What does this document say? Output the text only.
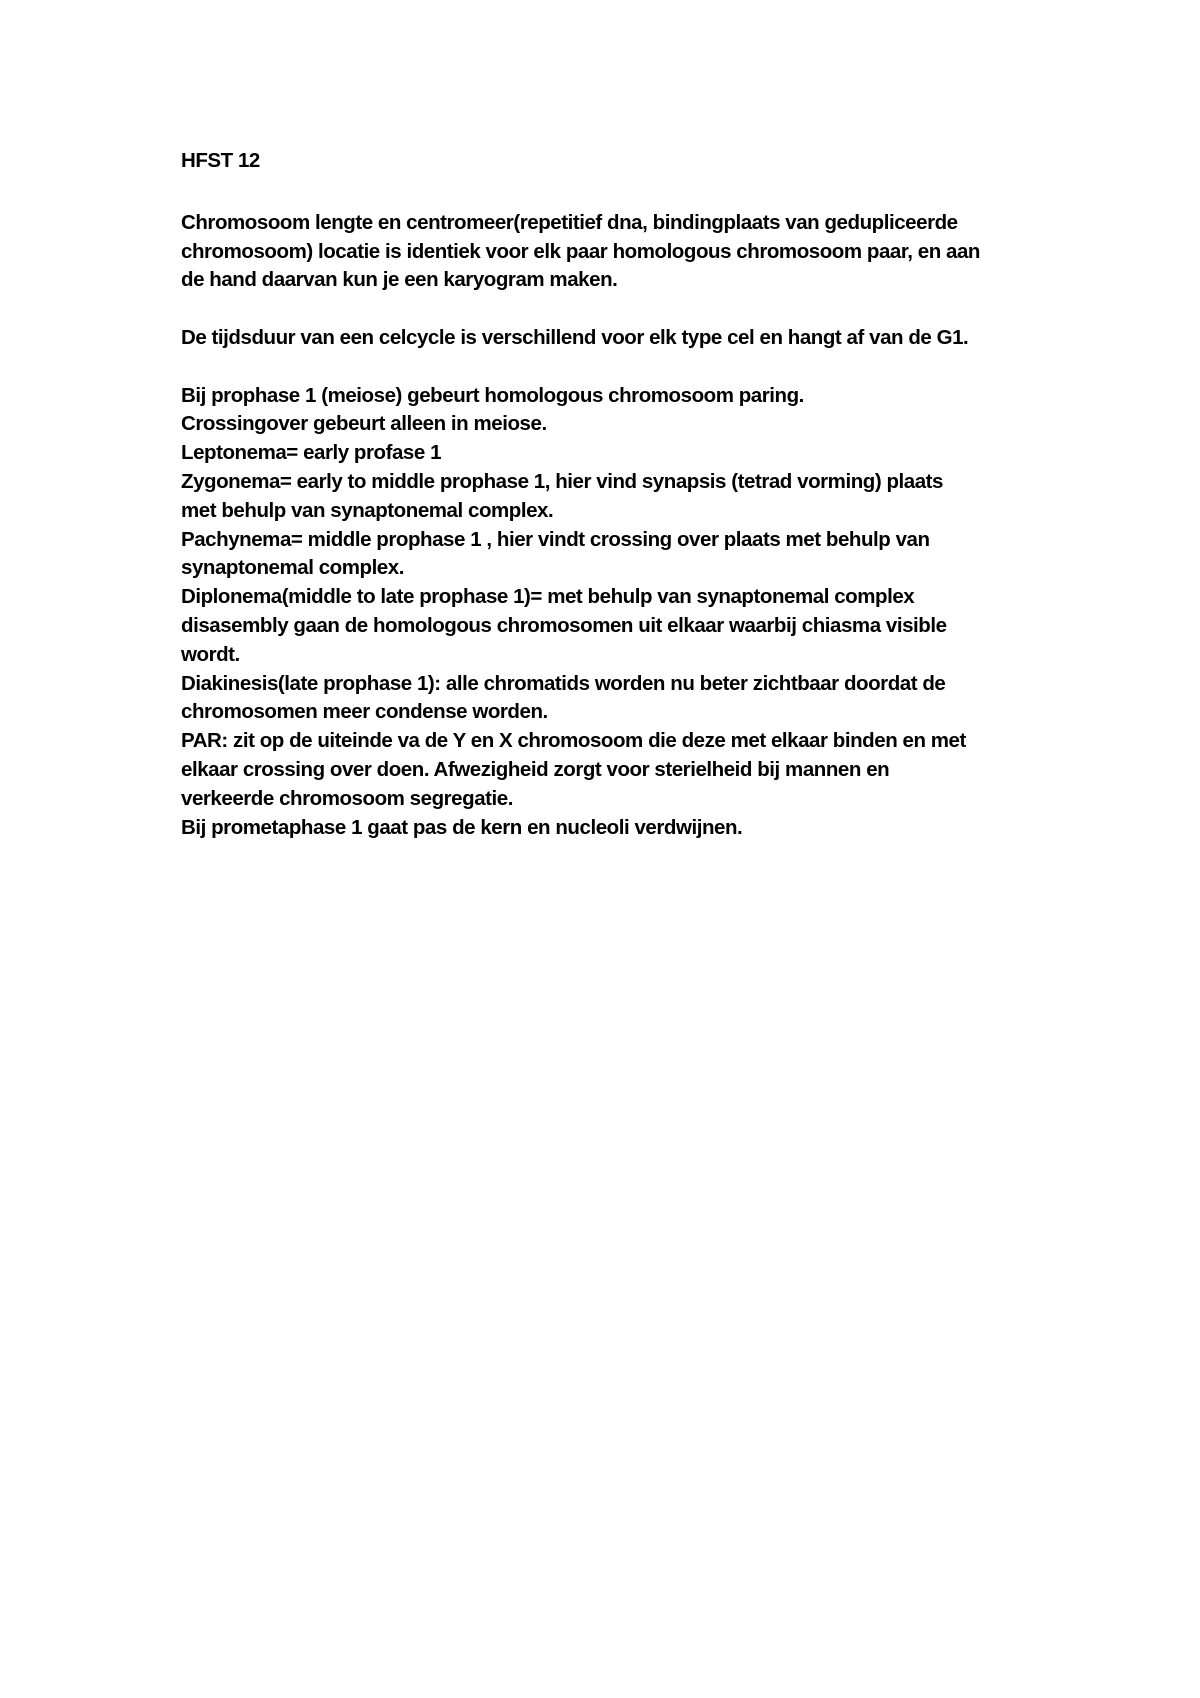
HFST 12
Chromosoom lengte en centromeer(repetitief dna, bindingplaats van gedupliceerde
chromosoom) locatie is identiek voor elk paar homologous chromosoom paar, en aan
de hand daarvan kun je een karyogram maken.
De tijdsduur van een celcycle is verschillend voor elk type cel en hangt af van de G1.
Bij prophase 1 (meiose) gebeurt homologous chromosoom paring.
Crossingover gebeurt alleen in meiose.
Leptonema= early profase 1
Zygonema= early to middle prophase 1, hier vind synapsis (tetrad vorming) plaats
met behulp van synaptonemal complex.
Pachynema= middle prophase 1 , hier vindt crossing over plaats met behulp van
synaptonemal complex.
Diplonema(middle to late prophase 1)= met behulp van synaptonemal complex
disasembly gaan de homologous chromosomen uit elkaar waarbij chiasma visible
wordt.
Diakinesis(late prophase 1): alle chromatids worden nu beter zichtbaar doordat de
chromosomen meer condense worden.
PAR: zit op de uiteinde va de Y en X chromosoom die deze met elkaar binden en met
elkaar crossing over doen. Afwezigheid zorgt voor sterielheid bij mannen en
verkeerde chromosoom segregatie.
Bij prometaphase 1 gaat pas de kern en nucleoli verdwijnen.
